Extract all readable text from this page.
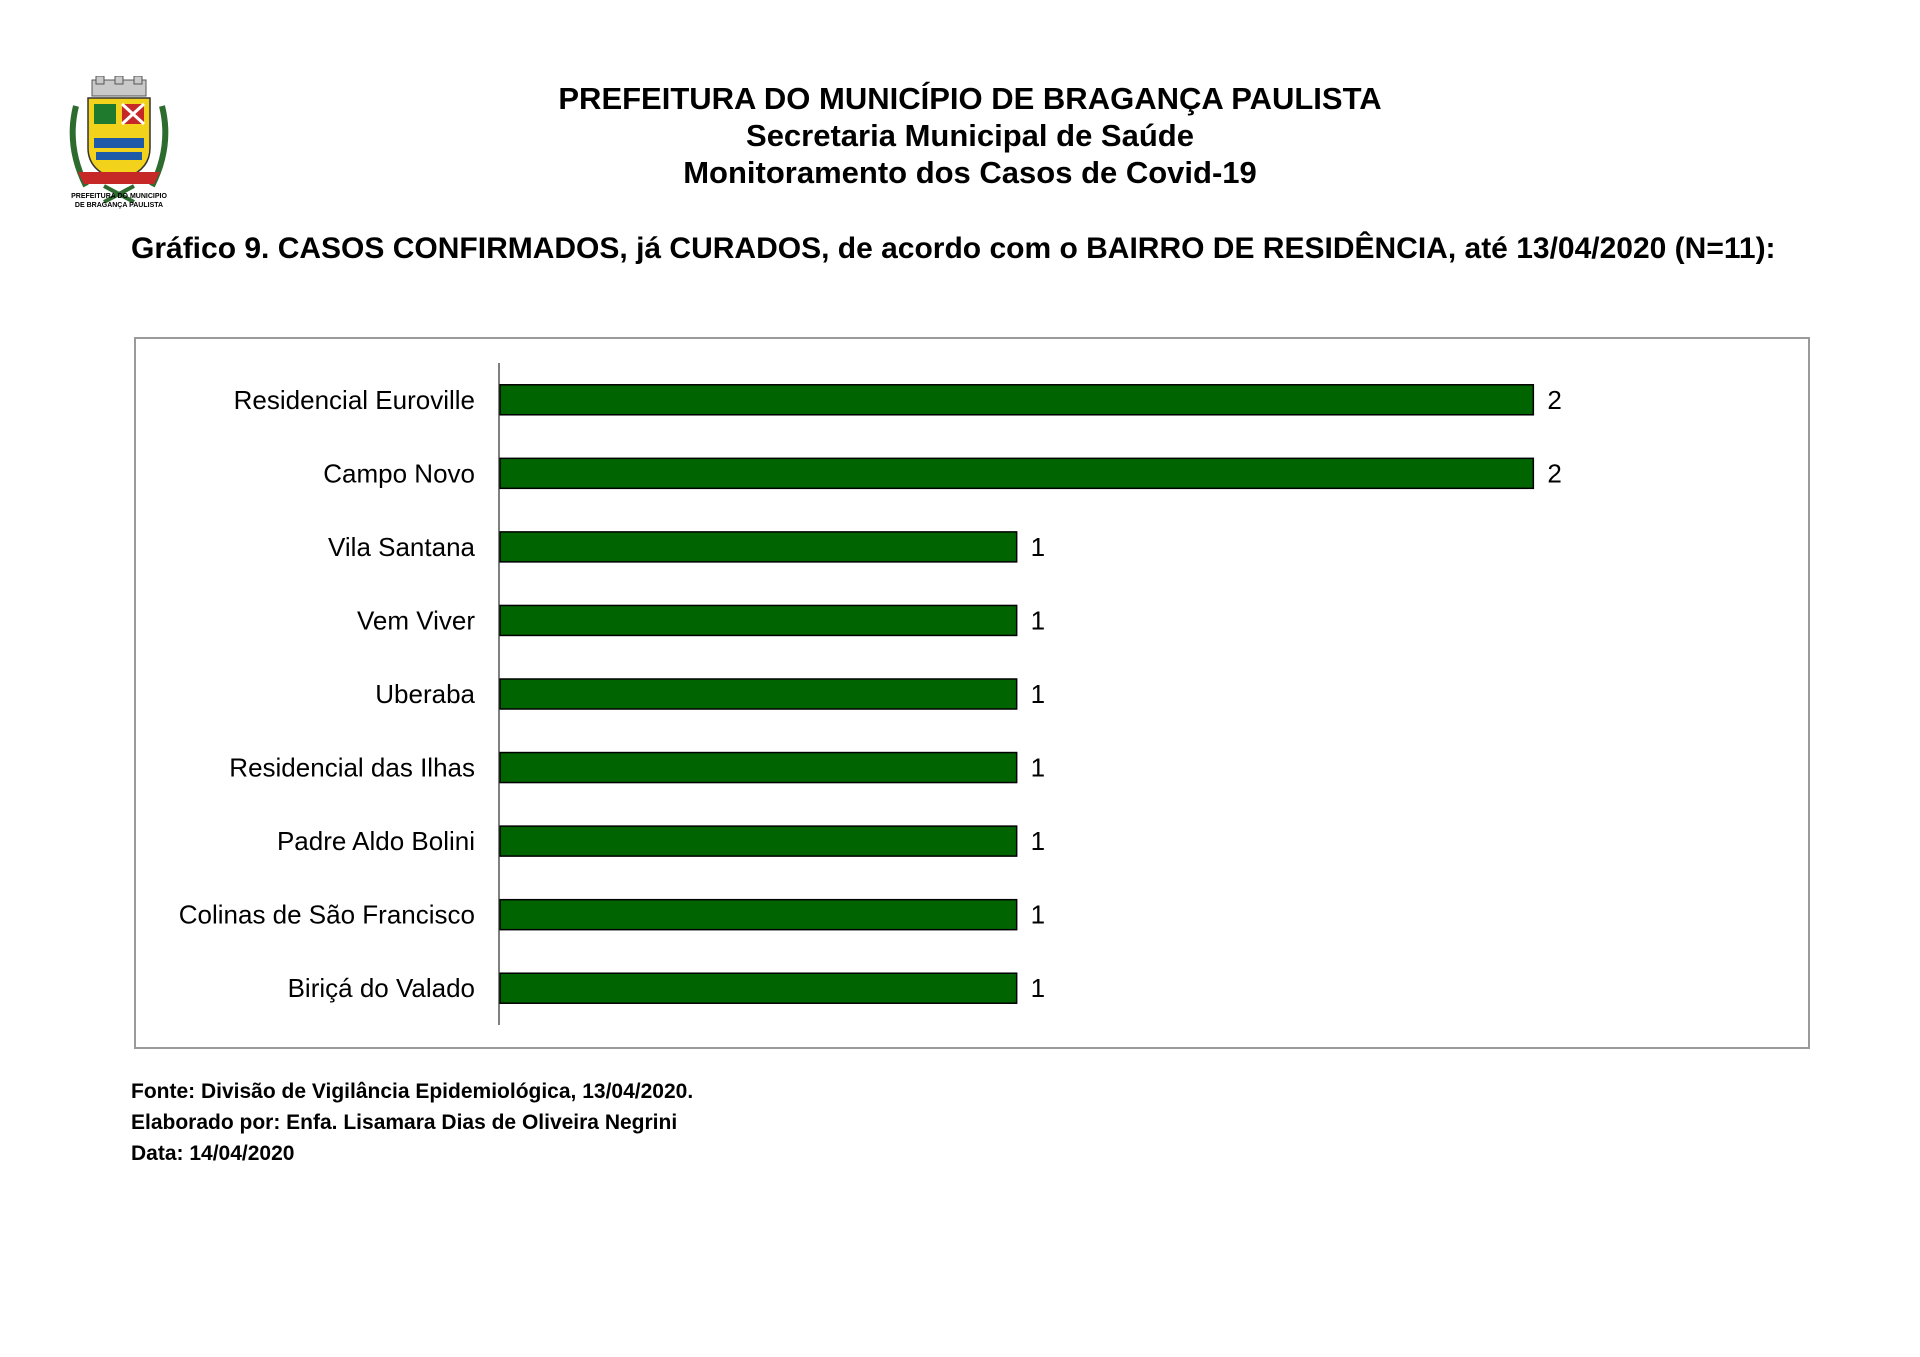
PREFEITURA DO MUNICIPIO
DE BRAGANÇA PAULISTA
PREFEITURA DO MUNICÍPIO DE BRAGANÇA PAULISTA
Secretaria Municipal de Saúde
Monitoramento dos Casos de Covid-19
Gráfico 9. CASOS CONFIRMADOS, já CURADOS, de acordo com o BAIRRO DE RESIDÊNCIA, até 13/04/2020 (N=11):
Residencial Euroville	2
Campo Novo	2
Vila Santana	1
Vem Viver	1
Uberaba	1
Residencial das Ilhas	1
Padre Aldo Bolini	1
Colinas de São Francisco	1
Biriçá do Valado	1
Fonte: Divisão de Vigilância Epidemiológica, 13/04/2020.
Elaborado por: Enfa. Lisamara Dias de Oliveira Negrini
Data: 14/04/2020
